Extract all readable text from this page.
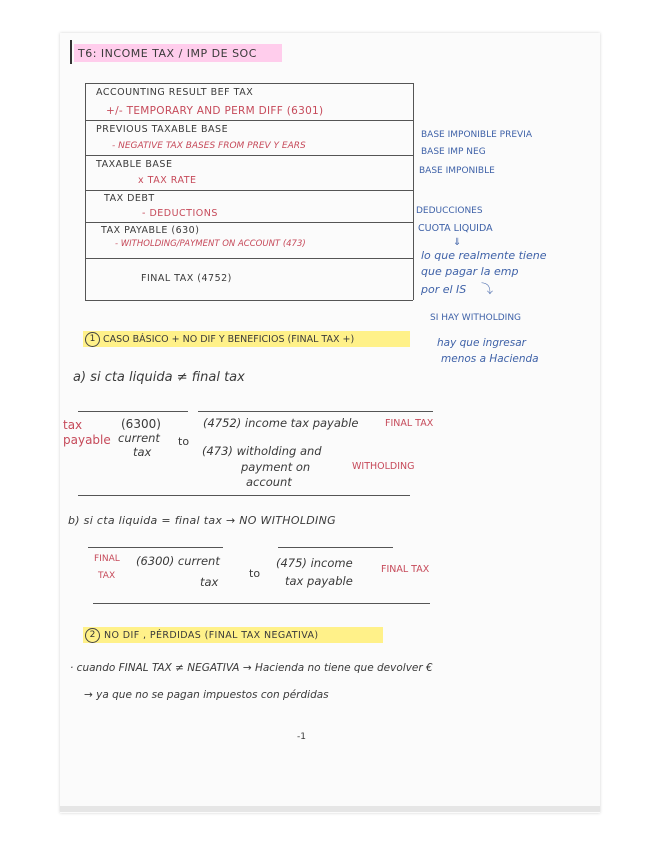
T6: INCOME TAX / IMP DE SOC
ACCOUNTING RESULT BEF TAX
+/- TEMPORARY AND PERM DIFF (6301)
PREVIOUS TAXABLE BASE
- NEGATIVE TAX BASES FROM PREV Y EARS
TAXABLE BASE
x TAX RATE
TAX DEBT
- DEDUCTIONS
TAX PAYABLE (630)
- WITHOLDING/PAYMENT ON ACCOUNT (473)
FINAL TAX (4752)
BASE IMPONIBLE PREVIA
BASE IMP NEG
BASE IMPONIBLE
DEDUCCIONES
CUOTA LIQUIDA
⇓
lo que realmente tiene
que pagar la emp
por el IS ⤵
SI HAY WITHOLDING
hay que ingresar
menos a Hacienda
1 CASO BÁSICO + NO DIF Y BENEFICIOS (FINAL TAX +)
a) si cta liquida ≠ final tax
tax
payable
(6300)
current
tax
to
(4752) income tax payable	FINAL TAX
(473) witholding and
payment on
account
WITHOLDING
b) si cta liquida = final tax → NO WITHOLDING
FINAL
TAX
(6300) current
tax
to
(475) income
tax payable
FINAL TAX
2 NO DIF , PÉRDIDAS (FINAL TAX NEGATIVA)
· cuando FINAL TAX ≠ NEGATIVA → Hacienda no tiene que devolver €
→ ya que no se pagan impuestos con pérdidas
-1
